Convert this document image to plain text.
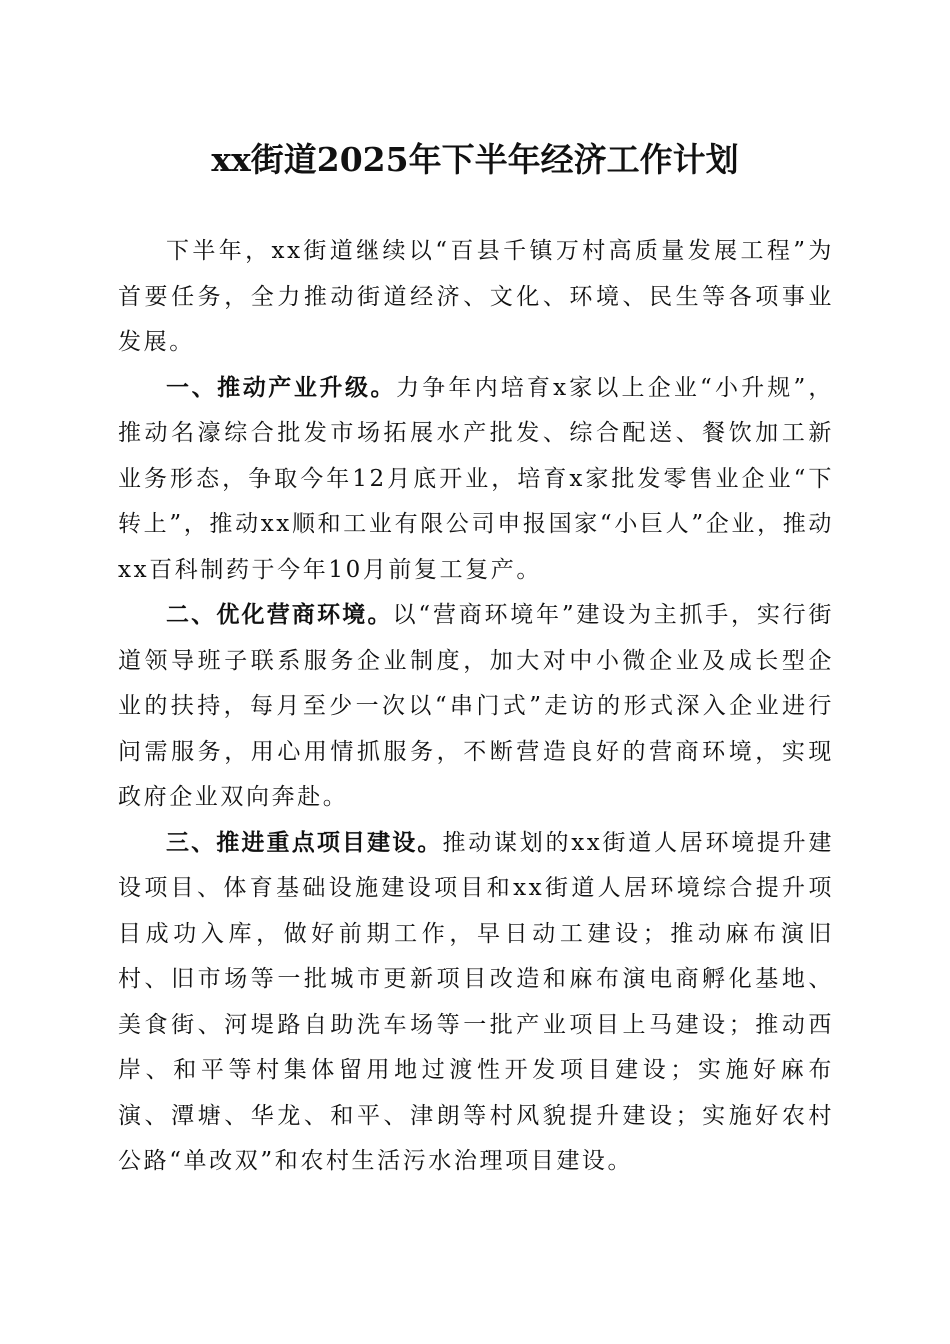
xx街道2025年下半年经济工作计划

下半年，xx街道继续以“百县千镇万村高质量发展工程”为首要任务，全力推动街道经济、文化、环境、民生等各项事业发展。

一、推动产业升级。力争年内培育x家以上企业“小升规”，推动名濠综合批发市场拓展水产批发、综合配送、餐饮加工新业务形态，争取今年12月底开业，培育x家批发零售业企业“下转上”，推动xx顺和工业有限公司申报国家“小巨人”企业，推动xx百科制药于今年10月前复工复产。

二、优化营商环境。以“营商环境年”建设为主抓手，实行街道领导班子联系服务企业制度，加大对中小微企业及成长型企业的扶持，每月至少一次以“串门式”走访的形式深入企业进行问需服务，用心用情抓服务，不断营造良好的营商环境，实现政府企业双向奔赴。

三、推进重点项目建设。推动谋划的xx街道人居环境提升建设项目、体育基础设施建设项目和xx街道人居环境综合提升项目成功入库，做好前期工作，早日动工建设；推动麻布演旧村、旧市场等一批城市更新项目改造和麻布演电商孵化基地、美食街、河堤路自助洗车场等一批产业项目上马建设；推动西岸、和平等村集体留用地过渡性开发项目建设；实施好麻布演、潭塘、华龙、和平、津朗等村风貌提升建设；实施好农村公路“单改双”和农村生活污水治理项目建设。
